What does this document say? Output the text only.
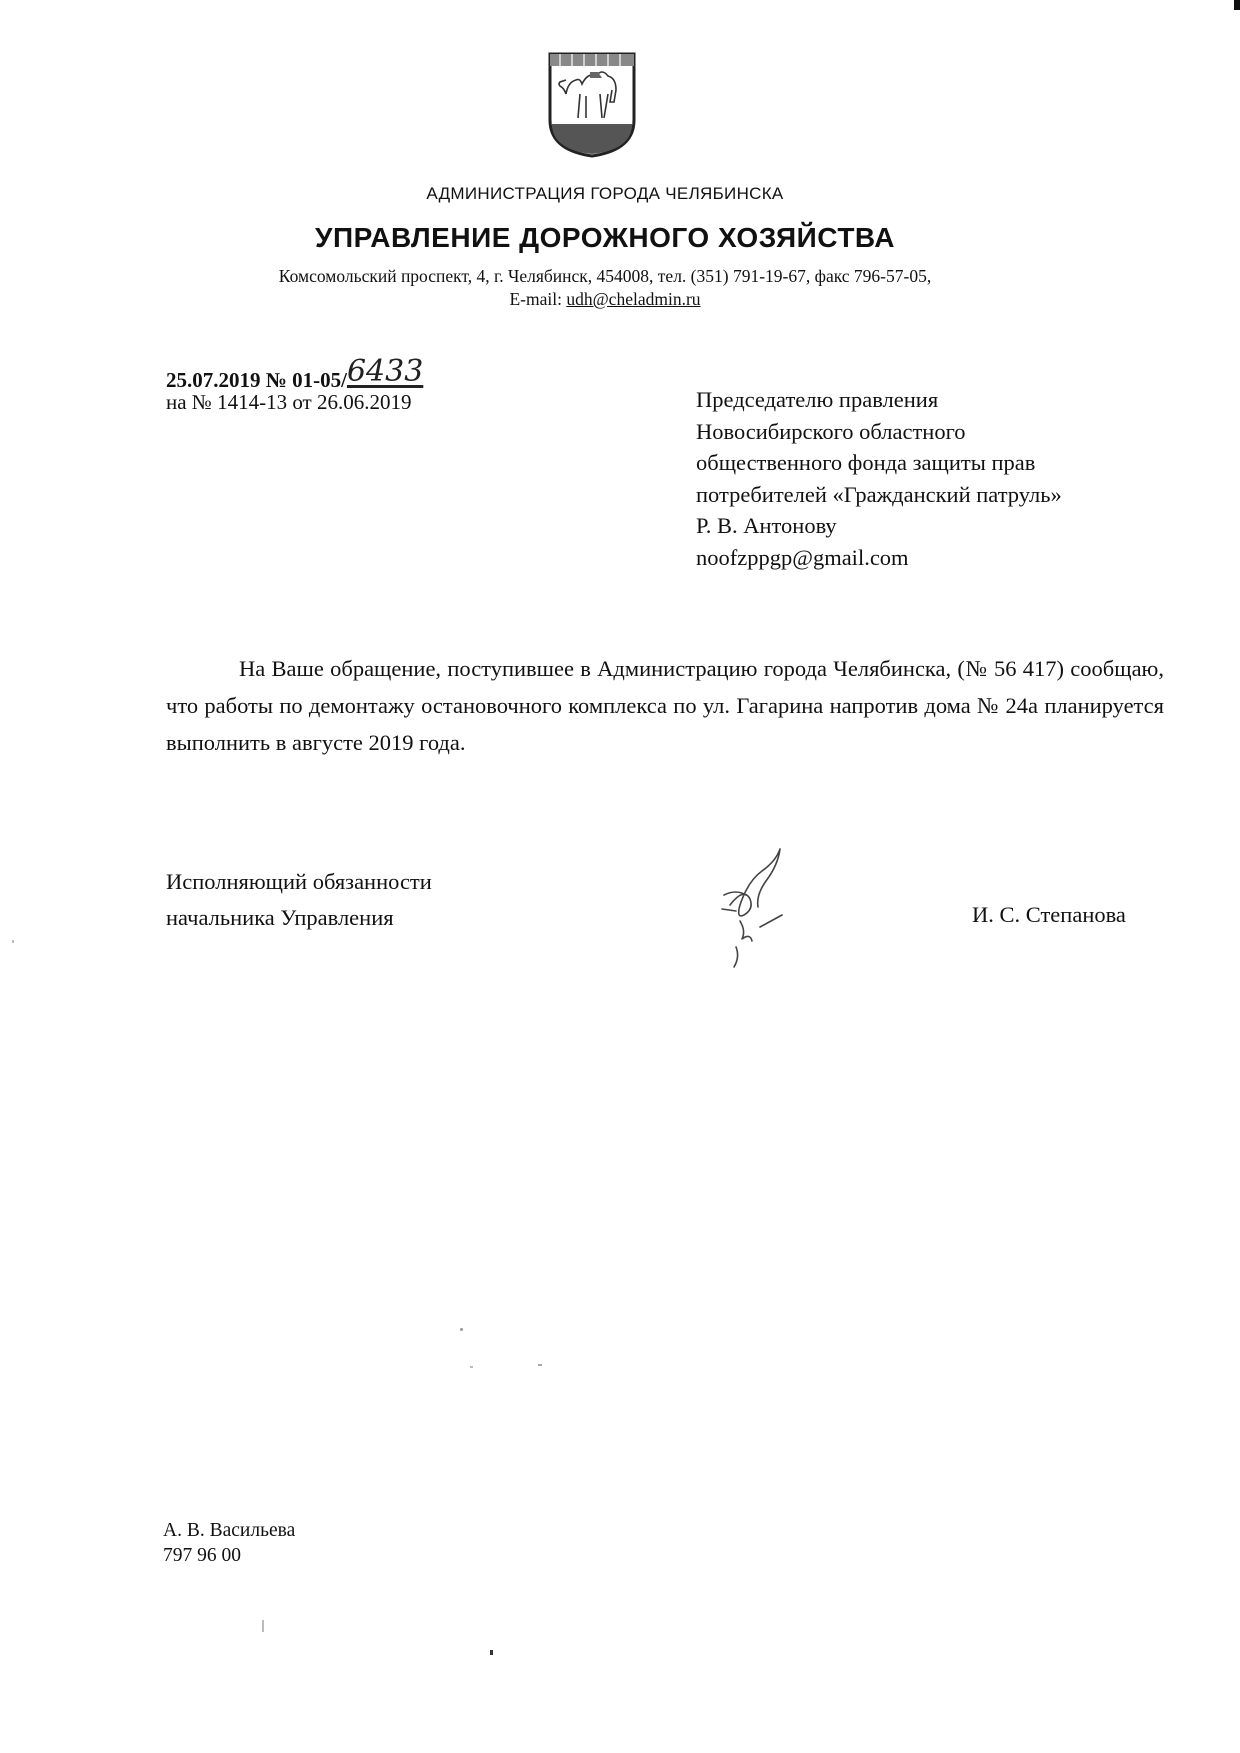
АДМИНИСТРАЦИЯ ГОРОДА ЧЕЛЯБИНСКА
УПРАВЛЕНИЕ ДОРОЖНОГО ХОЗЯЙСТВА
Комсомольский проспект, 4, г. Челябинск, 454008, тел. (351) 791-19-67, факс 796-57-05,
E-mail: udh@cheladmin.ru
25.07.2019 № 01-05/6433
на № 1414-13 от 26.06.2019	Председателю правления
Новосибирского областного
общественного фонда защиты прав
потребителей «Гражданский патруль»
Р. В. Антонову
noofzppgp@gmail.com
На Ваше обращение, поступившее в Администрацию города Челябинска, (№ 56 417) сообщаю, что работы по демонтажу остановочного комплекса по ул. Гагарина напротив дома № 24а планируется выполнить в августе 2019 года.
Исполняющий обязанности
начальника Управления	И. С. Степанова
А. В. Васильева
797 96 00
